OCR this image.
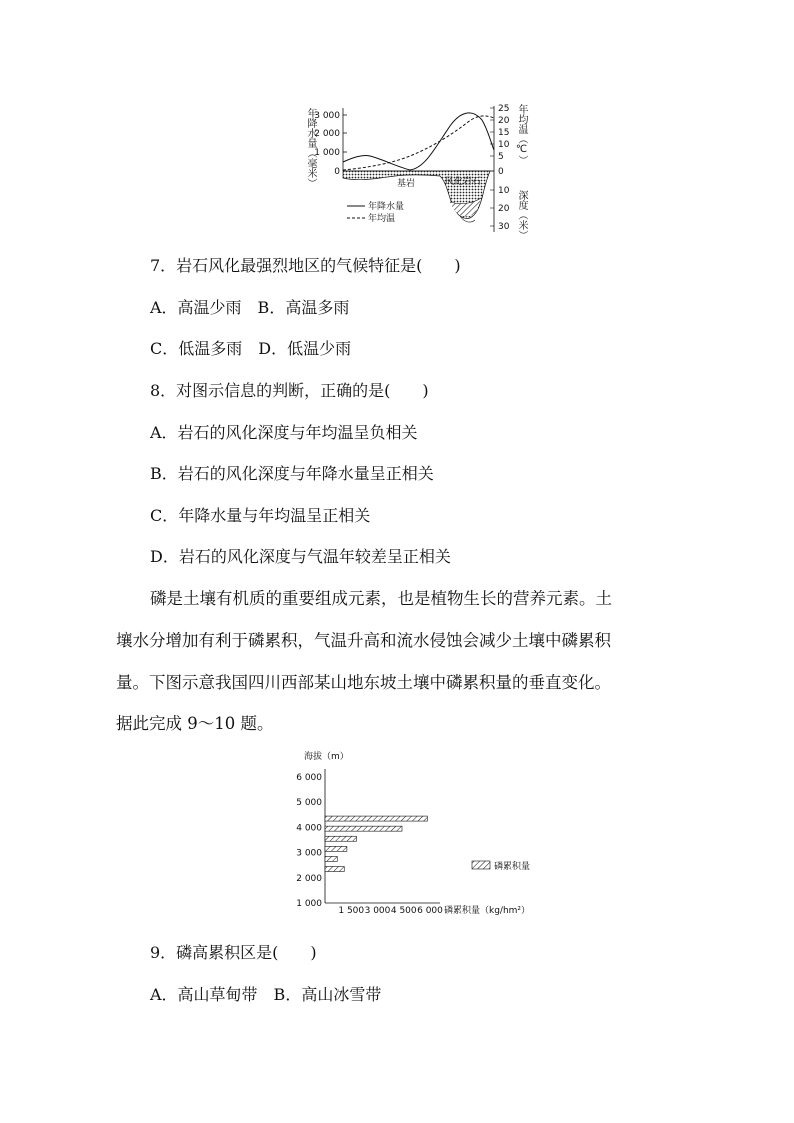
3 000
2 000
1 000
0
25
20
15
10
5
0
10
20
30
基岩	风化岩石
年降水量
年均温
年降水量（毫米）	年均温（℃）
深度（米）
7．岩石风化最强烈地区的气候特征是(　　)
A．高温少雨　B．高温多雨
C．低温多雨　D．低温少雨
8．对图示信息的判断，正确的是(　　)
A．岩石的风化深度与年均温呈负相关
B．岩石的风化深度与年降水量呈正相关
C．年降水量与年均温呈正相关
D．岩石的风化深度与气温年较差呈正相关
磷是土壤有机质的重要组成元素，也是植物生长的营养元素。土
壤水分增加有利于磷累积，气温升高和流水侵蚀会减少土壤中磷累积
量。下图示意我国四川西部某山地东坡土壤中磷累积量的垂直变化。
据此完成 9～10 题。
海拔（m）
6 000
5 000
4 000
3 000
2 000
1 000
1 500 3 000 4 500 6 000 磷累积量（kg/hm²）
磷累积量
9．磷高累积区是(　　)
A．高山草甸带　B．高山冰雪带
